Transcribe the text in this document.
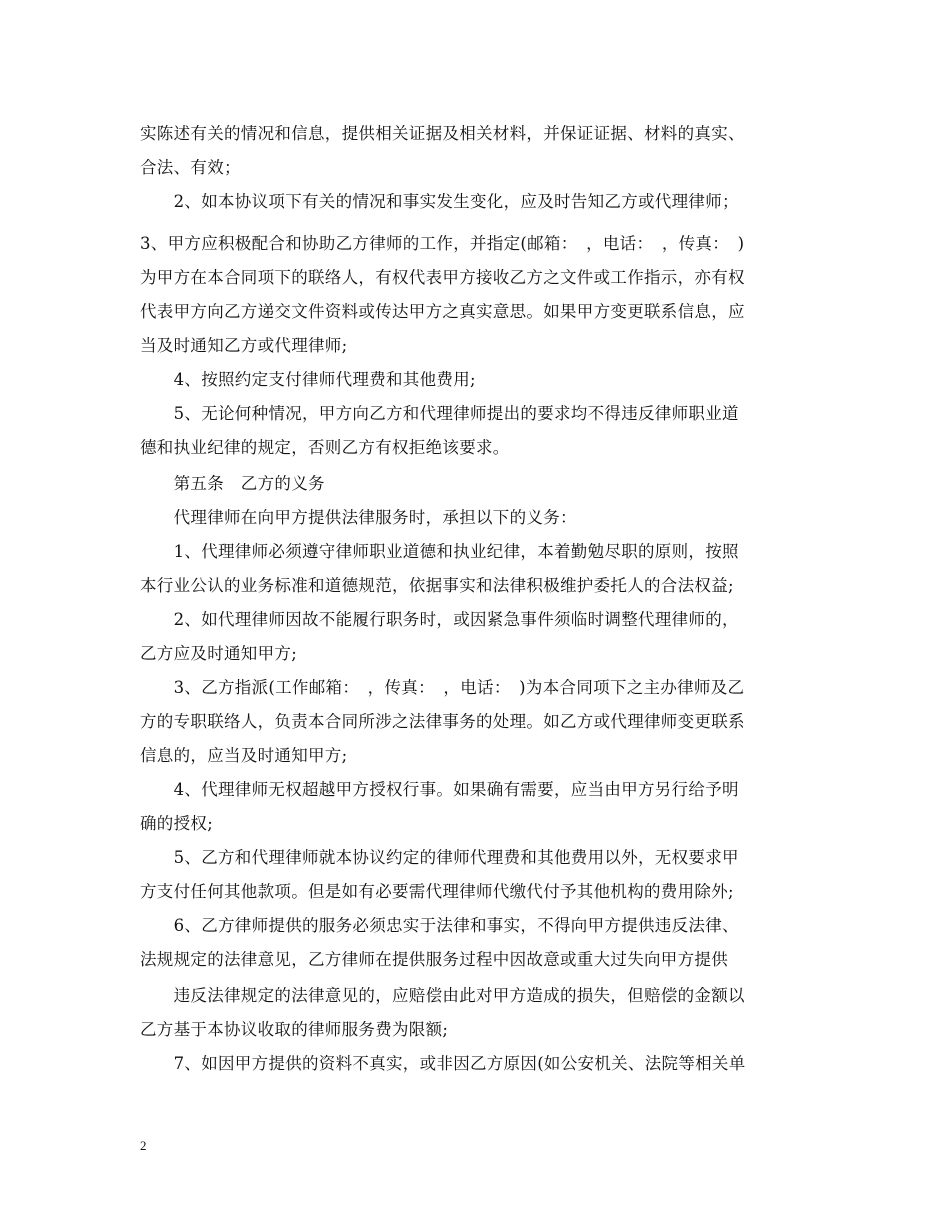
实陈述有关的情况和信息，提供相关证据及相关材料，并保证证据、材料的真实、
合法、有效；
　　2、如本协议项下有关的情况和事实发生变化，应及时告知乙方或代理律师；
3、甲方应积极配合和协助乙方律师的工作，并指定(邮箱：　，电话：　，传真：　)
为甲方在本合同项下的联络人，有权代表甲方接收乙方之文件或工作指示，亦有权
代表甲方向乙方递交文件资料或传达甲方之真实意思。如果甲方变更联系信息，应
当及时通知乙方或代理律师;
　　4、按照约定支付律师代理费和其他费用;
　　5、无论何种情况，甲方向乙方和代理律师提出的要求均不得违反律师职业道
德和执业纪律的规定，否则乙方有权拒绝该要求。
　　第五条　乙方的义务
　　代理律师在向甲方提供法律服务时，承担以下的义务：
　　1、代理律师必须遵守律师职业道德和执业纪律，本着勤勉尽职的原则，按照
本行业公认的业务标准和道德规范，依据事实和法律积极维护委托人的合法权益;
　　2、如代理律师因故不能履行职务时，或因紧急事件须临时调整代理律师的，
乙方应及时通知甲方;
　　3、乙方指派(工作邮箱：　，传真：　，电话：　)为本合同项下之主办律师及乙
方的专职联络人，负责本合同所涉之法律事务的处理。如乙方或代理律师变更联系
信息的，应当及时通知甲方;
　　4、代理律师无权超越甲方授权行事。如果确有需要，应当由甲方另行给予明
确的授权;
　　5、乙方和代理律师就本协议约定的律师代理费和其他费用以外，无权要求甲
方支付任何其他款项。但是如有必要需代理律师代缴代付予其他机构的费用除外;
　　6、乙方律师提供的服务必须忠实于法律和事实，不得向甲方提供违反法律、
法规规定的法律意见，乙方律师在提供服务过程中因故意或重大过失向甲方提供
　　违反法律规定的法律意见的，应赔偿由此对甲方造成的损失，但赔偿的金额以
乙方基于本协议收取的律师服务费为限额;
　　7、如因甲方提供的资料不真实，或非因乙方原因(如公安机关、法院等相关单
2
